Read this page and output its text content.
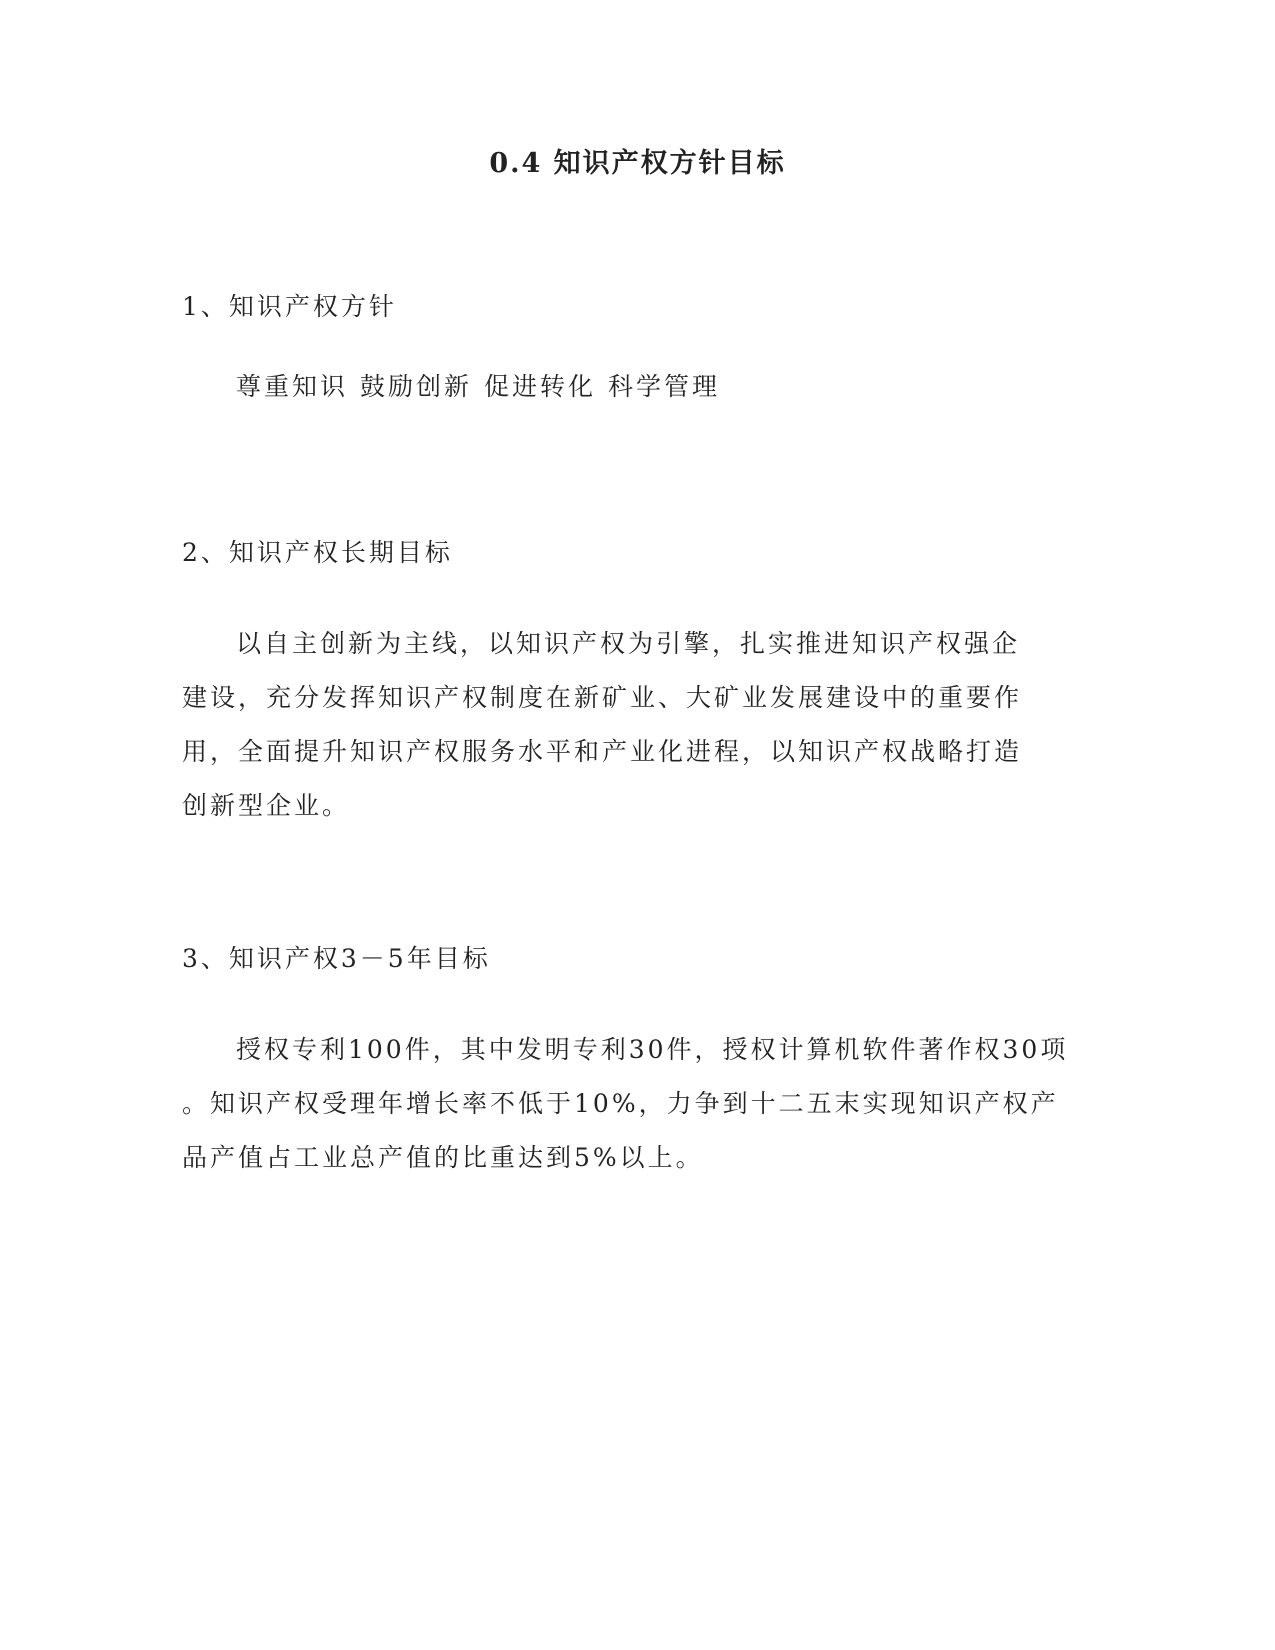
0.4 知识产权方针目标
1、知识产权方针
尊重知识 鼓励创新 促进转化 科学管理
2、知识产权长期目标
以自主创新为主线，以知识产权为引擎，扎实推进知识产权强企
建设，充分发挥知识产权制度在新矿业、大矿业发展建设中的重要作
用，全面提升知识产权服务水平和产业化进程，以知识产权战略打造
创新型企业。
3、知识产权3－5年目标
授权专利100件，其中发明专利30件，授权计算机软件著作权30项
。知识产权受理年增长率不低于10%，力争到十二五末实现知识产权产
品产值占工业总产值的比重达到5%以上。
